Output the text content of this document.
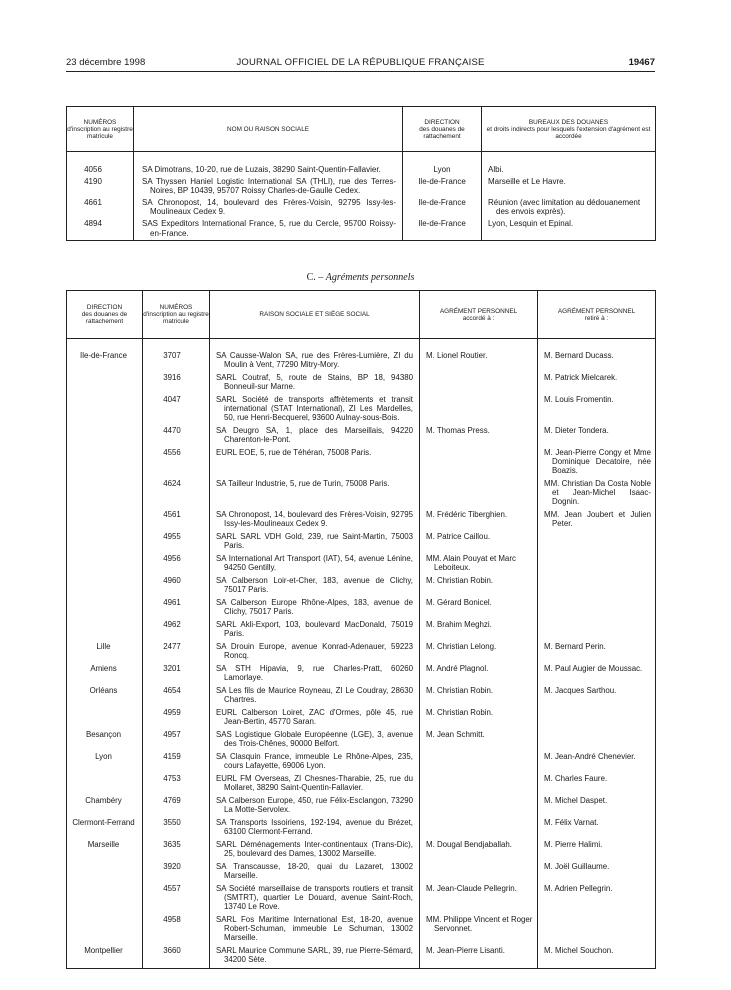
23 décembre 1998	JOURNAL OFFICIEL DE LA RÉPUBLIQUE FRANÇAISE	19467
NUMÉROS
d'inscription au registre matricule	NOM OU RAISON SOCIALE	DIRECTION
des douanes de rattachement	BUREAUX DES DOUANES
et droits indirects pour lesquels l'extension d'agrément est accordée

4056	SA Dimotrans, 10-20, rue de Luzais, 38290 Saint-Quentin-Fallavier.	Lyon	Albi.

4190	SA Thyssen Haniel Logistic International SA (THLI), rue des Terres-Noires, BP 10439, 95707 Roissy Charles-de-Gaulle Cedex.	Ile-de-France	Marseille et Le Havre.

4661	SA Chronopost, 14, boulevard des Frères-Voisin, 92795 Issy-les-Moulineaux Cedex 9.	Ile-de-France	Réunion (avec limitation au dédouanement des envois exprès).

4894	SAS Expeditors International France, 5, rue du Cercle, 95700 Roissy-en-France.	Ile-de-France	Lyon, Lesquin et Epinal.
C. – Agréments personnels
DIRECTION
des douanes de rattachement	NUMÉROS
d'inscription au registre matricule	RAISON SOCIALE ET SIÈGE SOCIAL	AGRÉMENT PERSONNEL
accordé à :	AGRÉMENT PERSONNEL
retiré à :

Ile-de-France	3707	SA Causse-Walon SA, rue des Frères-Lumière, ZI du Moulin à Vent, 77290 Mitry-Mory.	M. Lionel Routier.	M. Bernard Ducass.

	3916	SARL Coutraf, 5, route de Stains, BP 18, 94380 Bonneuil-sur Marne.		M. Patrick Mielcarek.

	4047	SARL Société de transports affrètements et transit international (STAT International), ZI Les Mardelles, 50, rue Henri-Becquerel, 93600 Aulnay-sous-Bois.		M. Louis Fromentin.

	4470	SA Deugro SA, 1, place des Marseillais, 94220 Charenton-le-Pont.	M. Thomas Press.	M. Dieter Tondera.

	4556	EURL EOE, 5, rue de Téhéran, 75008 Paris.		M. Jean-Pierre Congy et Mme Dominique Decatoire, née Boazis.

	4624	SA Tailleur Industrie, 5, rue de Turin, 75008 Paris.		MM. Christian Da Costa Noble et Jean-Michel Isaac-Dognin.

	4561	SA Chronopost, 14, boulevard des Frères-Voisin, 92795 Issy-les-Moulineaux Cedex 9.	M. Frédéric Tiberghien.	MM. Jean Joubert et Julien Peter.

	4955	SARL SARL VDH Gold, 239, rue Saint-Martin, 75003 Paris.	M. Patrice Caillou.	

	4956	SA International Art Transport (IAT), 54, avenue Lénine, 94250 Gentilly.	MM. Alain Pouyat et Marc Leboiteux.	

	4960	SA Calberson Loir-et-Cher, 183, avenue de Clichy, 75017 Paris.	M. Christian Robin.	

	4961	SA Calberson Europe Rhône-Alpes, 183, avenue de Clichy, 75017 Paris.	M. Gérard Bonicel.	

	4962	SARL Akli-Export, 103, boulevard MacDonald, 75019 Paris.	M. Brahim Meghzi.	

Lille	2477	SA Drouin Europe, avenue Konrad-Adenauer, 59223 Roncq.	M. Christian Lelong.	M. Bernard Perin.

Amiens	3201	SA STH Hipavia, 9, rue Charles-Pratt, 60260 Lamorlaye.	M. André Plagnol.	M. Paul Augier de Moussac.

Orléans	4654	SA Les fils de Maurice Royneau, ZI Le Coudray, 28630 Chartres.	M. Christian Robin.	M. Jacques Sarthou.

	4959	EURL Calberson Loiret, ZAC d'Ormes, pôle 45, rue Jean-Bertin, 45770 Saran.	M. Christian Robin.	

Besançon	4957	SAS Logistique Globale Européenne (LGE), 3, avenue des Trois-Chênes, 90000 Belfort.	M. Jean Schmitt.	

Lyon	4159	SA Clasquin France, immeuble Le Rhône-Alpes, 235, cours Lafayette, 69006 Lyon.		M. Jean-André Chenevier.

	4753	EURL FM Overseas, ZI Chesnes-Tharabie, 25, rue du Mollaret, 38290 Saint-Quentin-Fallavier.		M. Charles Faure.

Chambéry	4769	SA Calberson Europe, 450, rue Félix-Esclangon, 73290 La Motte-Servolex.		M. Michel Daspet.

Clermont-Ferrand	3550	SA Transports Issoiriens, 192-194, avenue du Brézet, 63100 Clermont-Ferrand.		M. Félix Varnat.

Marseille	3635	SARL Déménagements Inter-continentaux (Trans-Dic), 25, boulevard des Dames, 13002 Marseille.	M. Dougal Bendjaballah.	M. Pierre Halimi.

	3920	SA Transcausse, 18-20, quai du Lazaret, 13002 Marseille.		M. Joël Guillaume.

	4557	SA Société marseillaise de transports routiers et transit (SMTRT), quartier Le Douard, avenue Saint-Roch, 13740 Le Rove.	M. Jean-Claude Pellegrin.	M. Adrien Pellegrin.

	4958	SARL Fos Maritime International Est, 18-20, avenue Robert-Schuman, immeuble Le Schuman, 13002 Marseille.	MM. Philippe Vincent et Roger Servonnet.	

Montpellier	3660	SARL Maurice Commune SARL, 39, rue Pierre-Sémard, 34200 Sète.	M. Jean-Pierre Lisanti.	M. Michel Souchon.
